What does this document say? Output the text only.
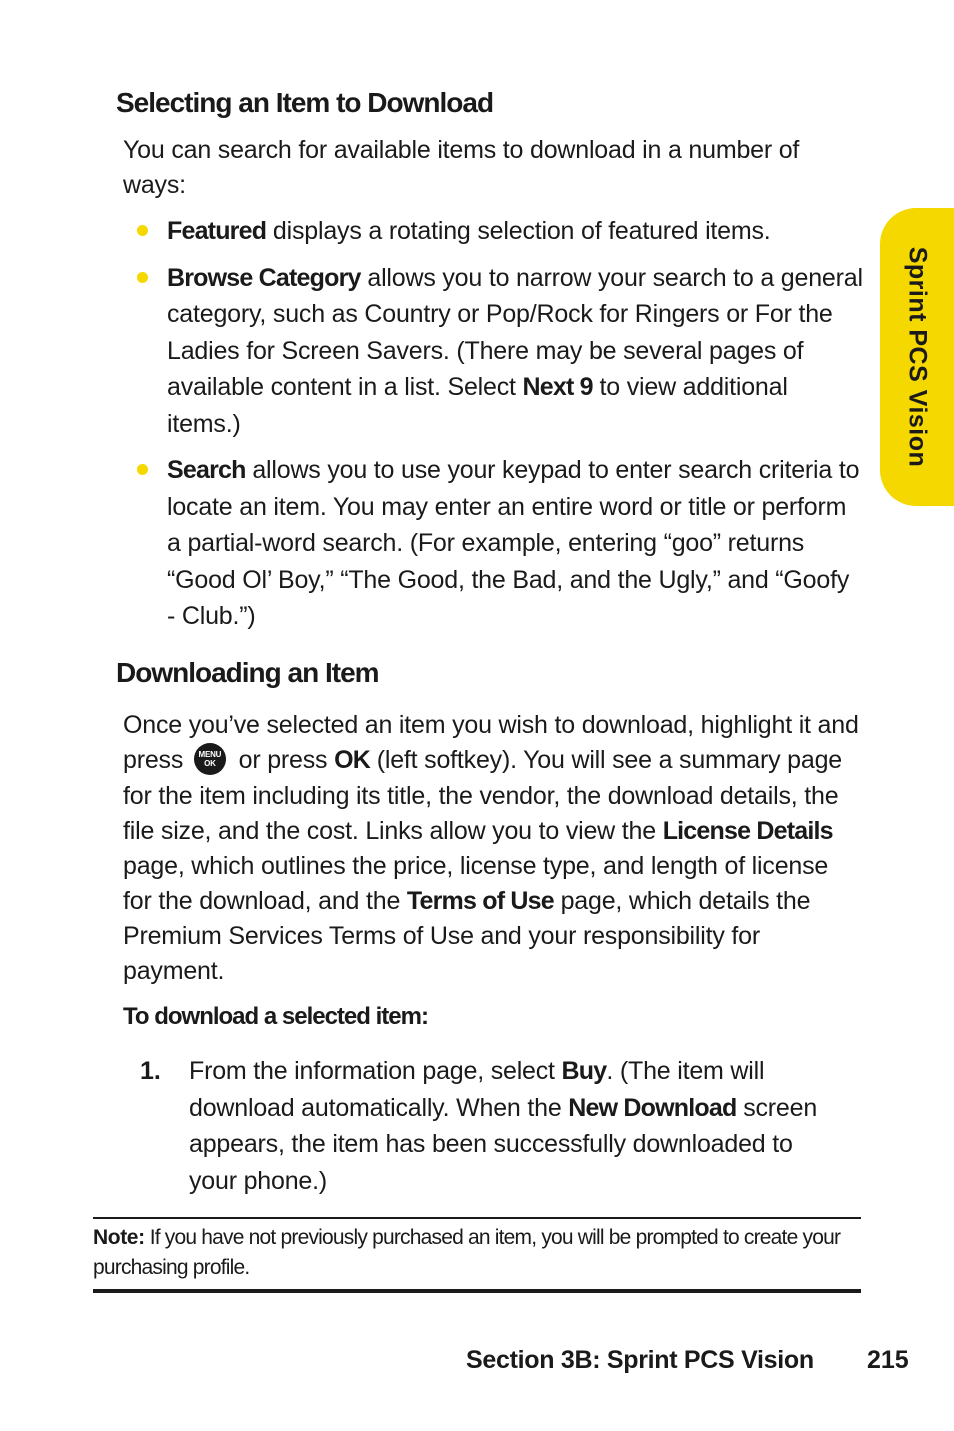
Sprint PCS Vision
Selecting an Item to Download

You can search for available items to download in a number of ways:

Featured displays a rotating selection of featured items.
Browse Category allows you to narrow your search to a general category, such as Country or Pop/Rock for Ringers or For the Ladies for Screen Savers. (There may be several pages of available content in a list. Select Next 9 to view additional items.)
Search allows you to use your keypad to enter search criteria to locate an item. You may enter an entire word or title or perform a partial-word search. (For example, entering “goo” returns “Good Ol’ Boy,” “The Good, the Bad, and the Ugly,” and “Goofy - Club.”)
Downloading an Item

Once you’ve selected an item you wish to download, highlight it and press	MENU
OK or press OK (left softkey). You will see a summary page for the item including its title, the vendor, the download details, the file size, and the cost. Links allow you to view the License Details page, which outlines the price, license type, and length of license for the download, and the Terms of Use page, which details the Premium Services Terms of Use and your responsibility for payment.

To download a selected item:
1. From the information page, select Buy. (The item will download automatically. When the New Download screen appears, the item has been successfully downloaded to your phone.)
Note: If you have not previously purchased an item, you will be prompted to create your purchasing profile.
Section 3B: Sprint PCS Vision 215
